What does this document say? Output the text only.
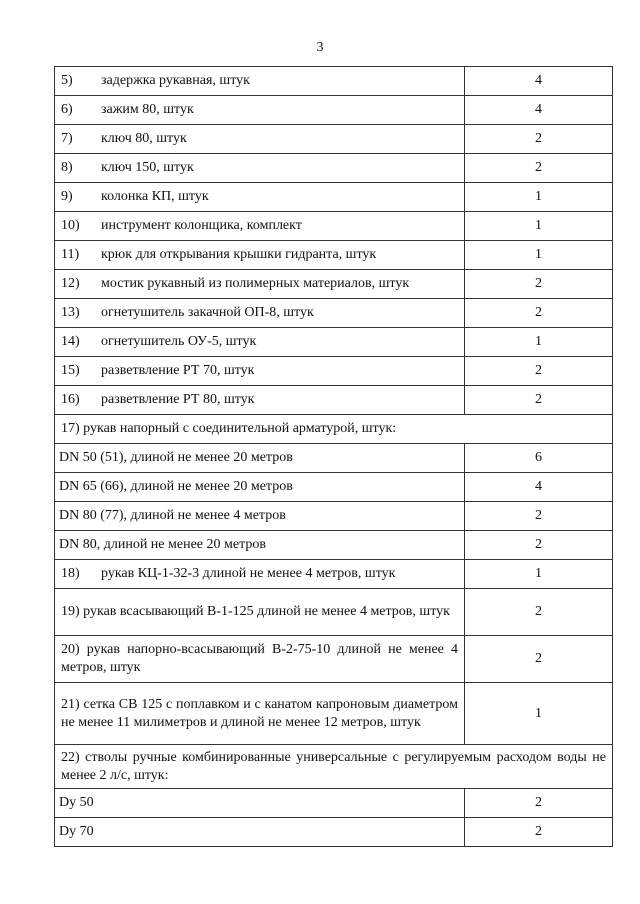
3
5) задержка рукавная, штук	4
6) зажим 80, штук	4
7) ключ 80, штук	2
8) ключ 150, штук	2
9) колонка КП, штук	1
10) инструмент колонщика, комплект	1
11) крюк для открывания крышки гидранта, штук	1
12) мостик рукавный из полимерных материалов, штук	2
13) огнетушитель закачной ОП-8, штук	2
14) огнетушитель ОУ-5, штук	1
15) разветвление РТ 70, штук	2
16) разветвление РТ 80, штук	2
17) рукав напорный с соединительной арматурой, штук:	
DN 50 (51), длиной не менее 20 метров	6
DN 65 (66), длиной не менее 20 метров	4
DN 80 (77), длиной не менее 4 метров	2
DN 80, длиной не менее 20 метров	2
18) рукав КЦ-1-32-3 длиной не менее 4 метров, штук	1
19) рукав всасывающий В-1-125 длиной не менее 4 метров, штук	2
20) рукав напорно-всасывающий В-2-75-10 длиной не менее 4 метров, штук	2
21) сетка СВ 125 с поплавком и с канатом капроновым диаметром не менее 11 милиметров и длиной не менее 12 метров, штук	1
22) стволы ручные комбинированные универсальные с регулируемым расходом воды не менее 2 л/с, штук:	
Dy 50	2
Dy 70	2
